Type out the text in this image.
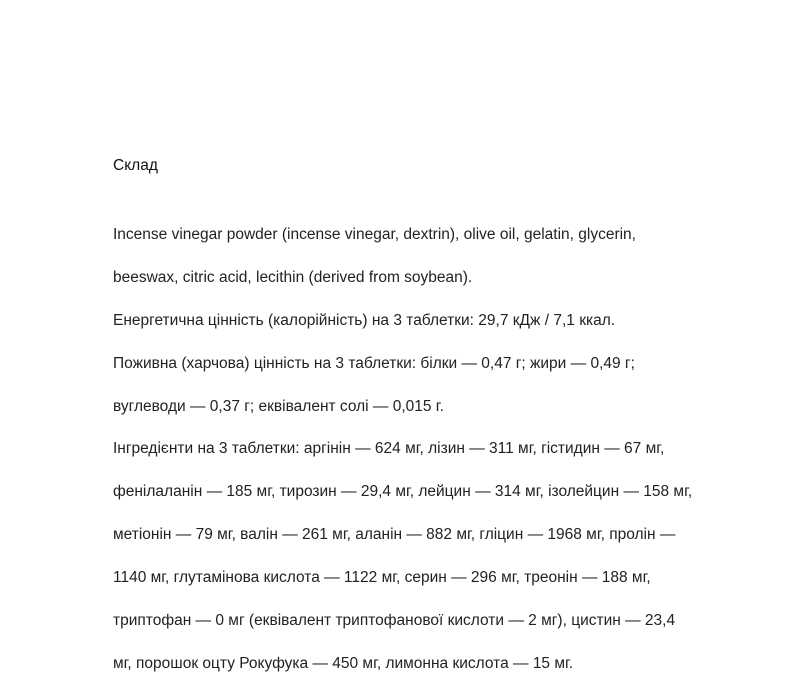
Склад

Incense vinegar powder (incense vinegar, dextrin), olive oil, gelatin, glycerin,

beeswax, citric acid, lecithin (derived from soybean).

Енергетична цінність (калорійність) на 3 таблетки: 29,7 кДж / 7,1 ккал.

Поживна (харчова) цінність на 3 таблетки: білки — 0,47 г; жири — 0,49 г;

вуглеводи — 0,37 г; еквівалент солі — 0,015 г.

Інгредієнти на 3 таблетки: аргінін — 624 мг, лізин — 311 мг, гістидин — 67 мг,

фенілаланін — 185 мг, тирозин — 29,4 мг, лейцин — 314 мг, ізолейцин — 158 мг,

метіонін — 79 мг, валін — 261 мг, аланін — 882 мг, гліцин — 1968 мг, пролін —

1140 мг, глутамінова кислота — 1122 мг, серин — 296 мг, треонін — 188 мг,

триптофан — 0 мг (еквівалент триптофанової кислоти — 2 мг), цистин — 23,4

мг, порошок оцту Рокуфука — 450 мг, лимонна кислота — 15 мг.
